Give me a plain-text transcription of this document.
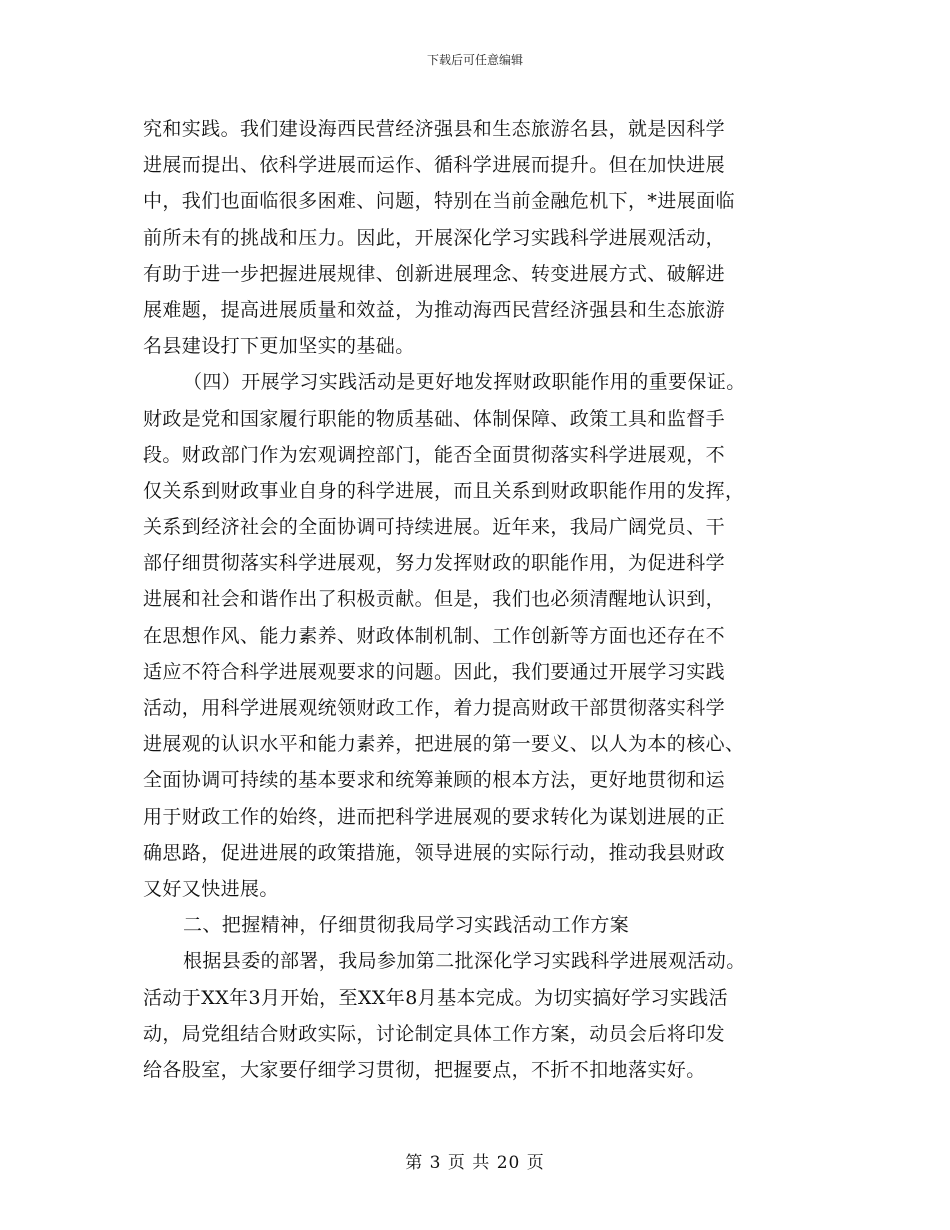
下载后可任意编辑
究和实践。我们建设海西民营经济强县和生态旅游名县，就是因科学
进展而提出、依科学进展而运作、循科学进展而提升。但在加快进展
中，我们也面临很多困难、问题，特别在当前金融危机下，*进展面临
前所未有的挑战和压力。因此，开展深化学习实践科学进展观活动，
有助于进一步把握进展规律、创新进展理念、转变进展方式、破解进
展难题，提高进展质量和效益，为推动海西民营经济强县和生态旅游
名县建设打下更加坚实的基础。
（四）开展学习实践活动是更好地发挥财政职能作用的重要保证。
财政是党和国家履行职能的物质基础、体制保障、政策工具和监督手
段。财政部门作为宏观调控部门，能否全面贯彻落实科学进展观，不
仅关系到财政事业自身的科学进展，而且关系到财政职能作用的发挥，
关系到经济社会的全面协调可持续进展。近年来，我局广阔党员、干
部仔细贯彻落实科学进展观，努力发挥财政的职能作用，为促进科学
进展和社会和谐作出了积极贡献。但是，我们也必须清醒地认识到，
在思想作风、能力素养、财政体制机制、工作创新等方面也还存在不
适应不符合科学进展观要求的问题。因此，我们要通过开展学习实践
活动，用科学进展观统领财政工作，着力提高财政干部贯彻落实科学
进展观的认识水平和能力素养，把进展的第一要义、以人为本的核心、
全面协调可持续的基本要求和统筹兼顾的根本方法，更好地贯彻和运
用于财政工作的始终，进而把科学进展观的要求转化为谋划进展的正
确思路，促进进展的政策措施，领导进展的实际行动，推动我县财政
又好又快进展。
二、把握精神，仔细贯彻我局学习实践活动工作方案
根据县委的部署，我局参加第二批深化学习实践科学进展观活动。
活动于XX年3月开始，至XX年8月基本完成。为切实搞好学习实践活
动，局党组结合财政实际，讨论制定具体工作方案，动员会后将印发
给各股室，大家要仔细学习贯彻，把握要点，不折不扣地落实好。
第 3 页 共 20 页
